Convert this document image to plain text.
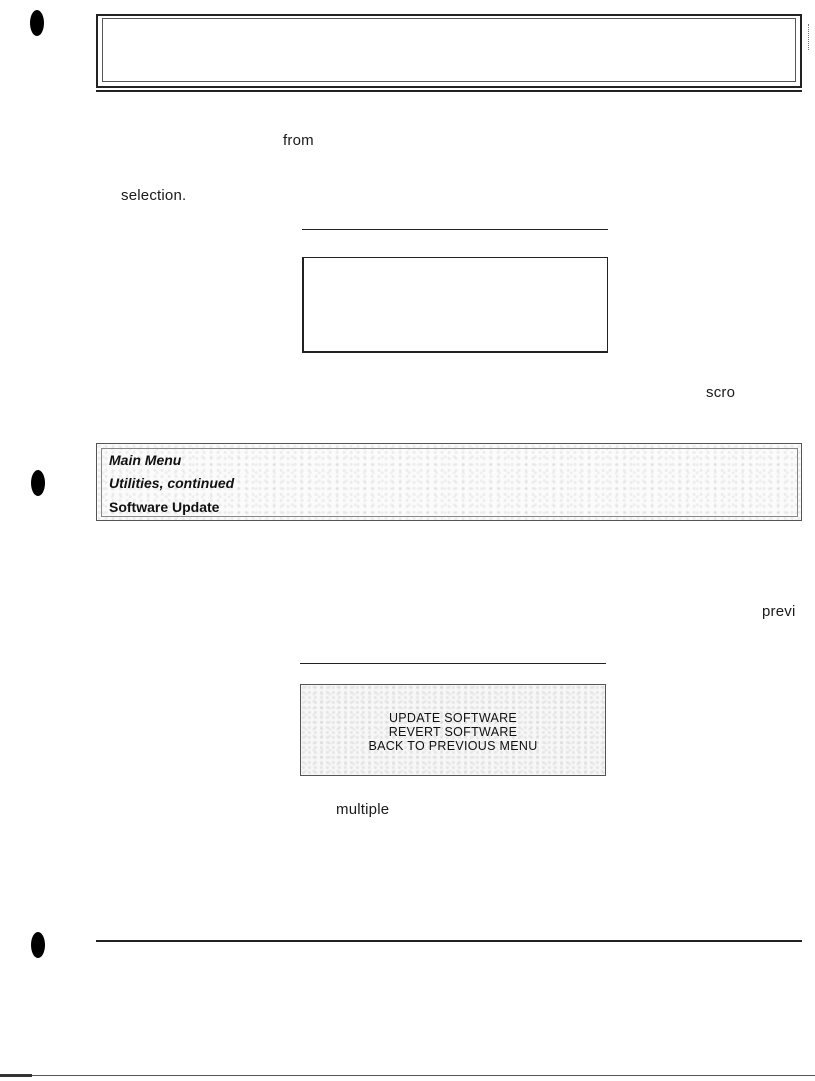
from
selection.
scro
Main Menu
Utilities, continued
Software Update
previ
UPDATE SOFTWARE
REVERT SOFTWARE
BACK TO PREVIOUS MENU
multiple
